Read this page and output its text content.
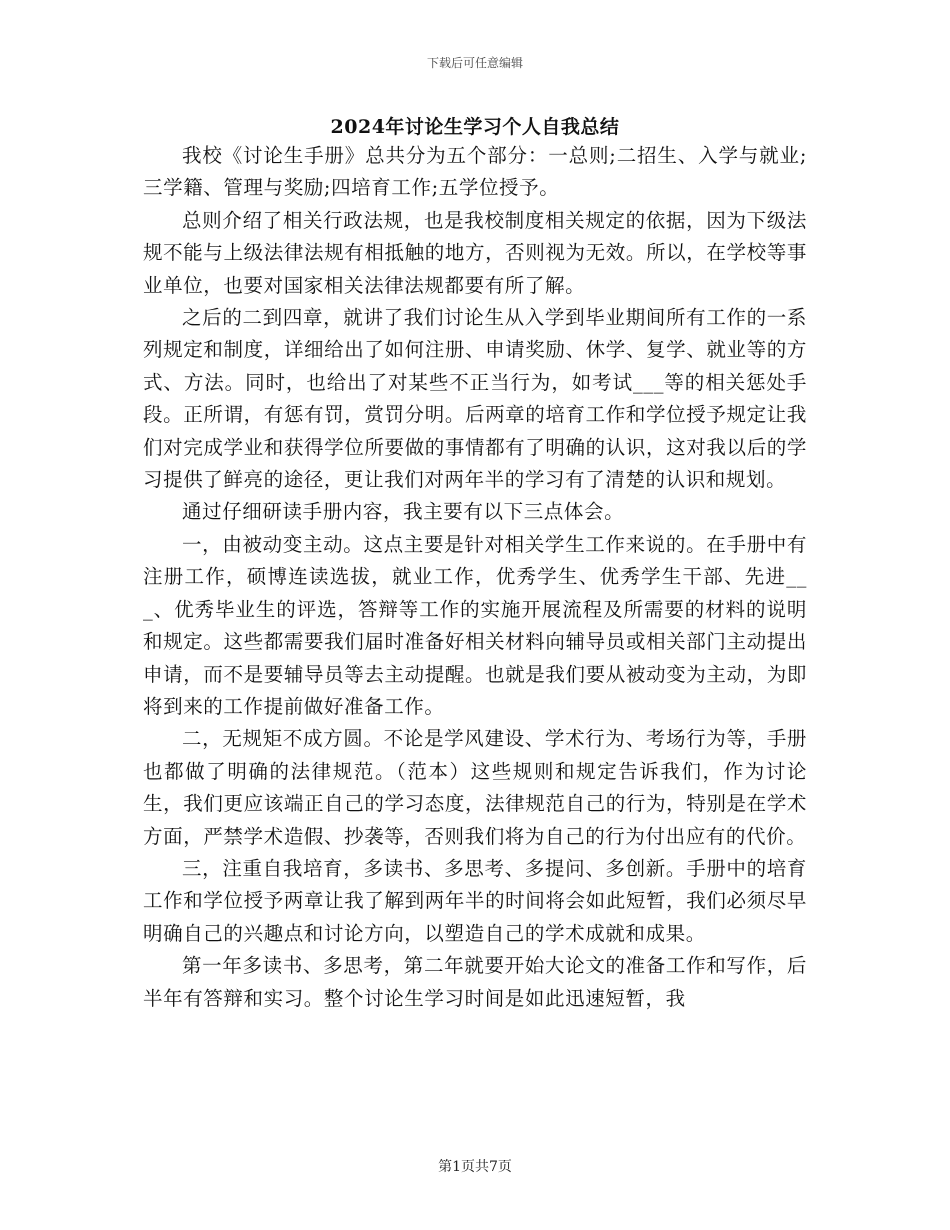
下载后可任意编辑
2024年讨论生学习个人自我总结

我校《讨论生手册》总共分为五个部分：一总则;二招生、入学与就业;三学籍、管理与奖励;四培育工作;五学位授予。

总则介绍了相关行政法规，也是我校制度相关规定的依据，因为下级法规不能与上级法律法规有相抵触的地方，否则视为无效。所以，在学校等事业单位，也要对国家相关法律法规都要有所了解。

之后的二到四章，就讲了我们讨论生从入学到毕业期间所有工作的一系列规定和制度，详细给出了如何注册、申请奖励、休学、复学、就业等的方式、方法。同时，也给出了对某些不正当行为，如考试___等的相关惩处手段。正所谓，有惩有罚，赏罚分明。后两章的培育工作和学位授予规定让我们对完成学业和获得学位所要做的事情都有了明确的认识，这对我以后的学习提供了鲜亮的途径，更让我们对两年半的学习有了清楚的认识和规划。

通过仔细研读手册内容，我主要有以下三点体会。

一，由被动变主动。这点主要是针对相关学生工作来说的。在手册中有注册工作，硕博连读选拔，就业工作，优秀学生、优秀学生干部、先进___、优秀毕业生的评选，答辩等工作的实施开展流程及所需要的材料的说明和规定。这些都需要我们届时准备好相关材料向辅导员或相关部门主动提出申请，而不是要辅导员等去主动提醒。也就是我们要从被动变为主动，为即将到来的工作提前做好准备工作。

二，无规矩不成方圆。不论是学风建设、学术行为、考场行为等，手册也都做了明确的法律规范。（范本）这些规则和规定告诉我们，作为讨论生，我们更应该端正自己的学习态度，法律规范自己的行为，特别是在学术方面，严禁学术造假、抄袭等，否则我们将为自己的行为付出应有的代价。

三，注重自我培育，多读书、多思考、多提问、多创新。手册中的培育工作和学位授予两章让我了解到两年半的时间将会如此短暂，我们必须尽早明确自己的兴趣点和讨论方向，以塑造自己的学术成就和成果。

第一年多读书、多思考，第二年就要开始大论文的准备工作和写作，后半年有答辩和实习。整个讨论生学习时间是如此迅速短暂，我

第1页共7页
